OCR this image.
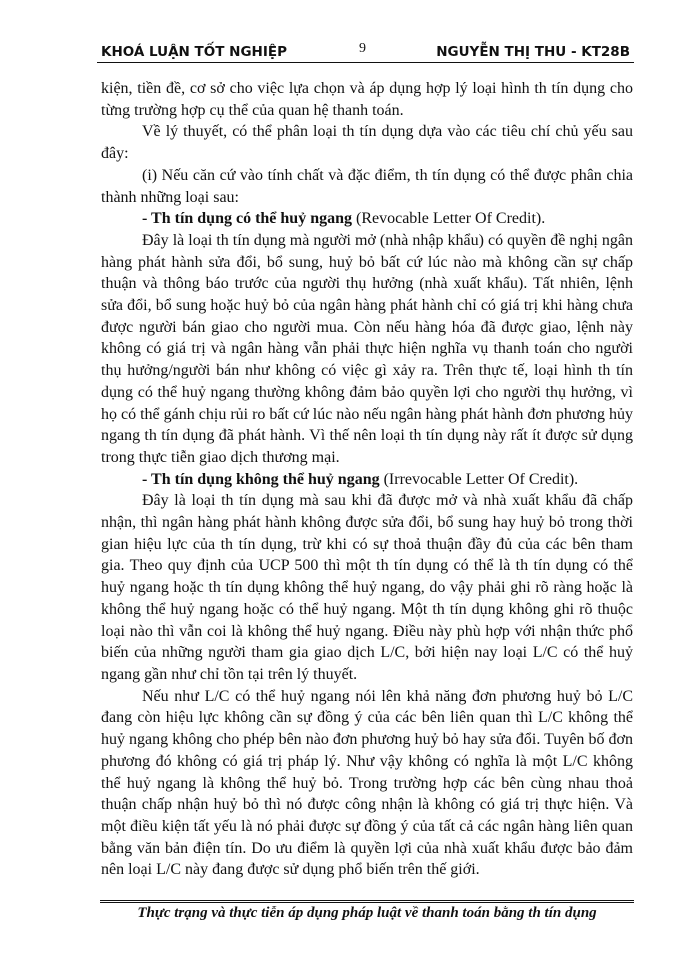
KHOÁ LUẬN TỐT NGHIỆP	9	NGUYỄN THỊ THU - KT28B

kiện, tiền đề, cơ sở cho việc lựa chọn và áp dụng hợp lý loại hình th tín dụng cho từng trường hợp cụ thể của quan hệ thanh toán.

Về lý thuyết, có thể phân loại th tín dụng dựa vào các tiêu chí chủ yếu sau đây:

(i) Nếu căn cứ vào tính chất và đặc điểm, th tín dụng có thể được phân chia thành những loại sau:

- Th tín dụng có thể huỷ ngang (Revocable Letter Of Credit).

Đây là loại th tín dụng mà người mở (nhà nhập khẩu) có quyền đề nghị ngân hàng phát hành sửa đổi, bổ sung, huỷ bỏ bất cứ lúc nào mà không cần sự chấp thuận và thông báo trước của người thụ hưởng (nhà xuất khẩu). Tất nhiên, lệnh sửa đổi, bổ sung hoặc huỷ bỏ của ngân hàng phát hành chỉ có giá trị khi hàng chưa được người bán giao cho người mua. Còn nếu hàng hóa đã được giao, lệnh này không có giá trị và ngân hàng vẫn phải thực hiện nghĩa vụ thanh toán cho người thụ hưởng/người bán như không có việc gì xảy ra. Trên thực tế, loại hình th tín dụng có thể huỷ ngang thường không đảm bảo quyền lợi cho người thụ hưởng, vì họ có thể gánh chịu rủi ro bất cứ lúc nào nếu ngân hàng phát hành đơn phương hủy ngang th tín dụng đã phát hành. Vì thế nên loại th tín dụng này rất ít được sử dụng trong thực tiễn giao dịch thương mại.

- Th tín dụng không thể huỷ ngang (Irrevocable Letter Of Credit).

Đây là loại th tín dụng mà sau khi đã được mở và nhà xuất khẩu đã chấp nhận, thì ngân hàng phát hành không được sửa đổi, bổ sung hay huỷ bỏ trong thời gian hiệu lực của th tín dụng, trừ khi có sự thoả thuận đầy đủ của các bên tham gia. Theo quy định của UCP 500 thì một th tín dụng có thể là th tín dụng có thể huỷ ngang hoặc th tín dụng không thể huỷ ngang, do vậy phải ghi rõ ràng hoặc là không thể huỷ ngang hoặc có thể huỷ ngang. Một th tín dụng không ghi rõ thuộc loại nào thì vẫn coi là không thể huỷ ngang. Điều này phù hợp với nhận thức phổ biến của những người tham gia giao dịch L/C, bởi hiện nay loại L/C có thể huỷ ngang gần như chỉ tồn tại trên lý thuyết.

Nếu như L/C có thể huỷ ngang nói lên khả năng đơn phương huỷ bỏ L/C đang còn hiệu lực không cần sự đồng ý của các bên liên quan thì L/C không thể huỷ ngang không cho phép bên nào đơn phương huỷ bỏ hay sửa đổi. Tuyên bố đơn phương đó không có giá trị pháp lý. Như vậy không có nghĩa là một L/C không thể huỷ ngang là không thể huỷ bỏ. Trong trường hợp các bên cùng nhau thoả thuận chấp nhận huỷ bỏ thì nó được công nhận là không có giá trị thực hiện. Và một điều kiện tất yếu là nó phải được sự đồng ý của tất cả các ngân hàng liên quan bằng văn bản điện tín. Do ưu điểm là quyền lợi của nhà xuất khẩu được bảo đảm nên loại L/C này đang được sử dụng phổ biến trên thế giới.

Thực trạng và thực tiễn áp dụng pháp luật về thanh toán bằng th tín dụng
